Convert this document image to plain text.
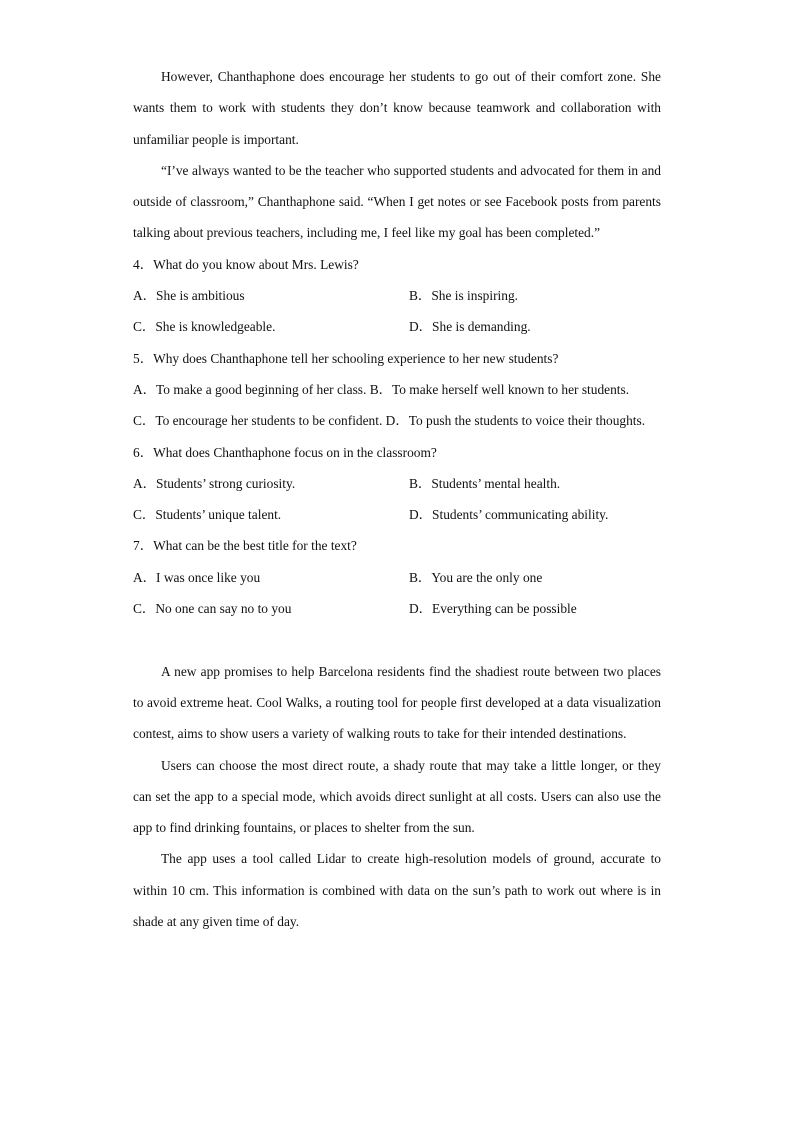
However, Chanthaphone does encourage her students to go out of their comfort zone. She wants them to work with students they don’t know because teamwork and collaboration with unfamiliar people is important.

“I’ve always wanted to be the teacher who supported students and advocated for them in and outside of classroom,” Chanthaphone said. “When I get notes or see Facebook posts from parents talking about previous teachers, including me, I feel like my goal has been completed.”

4．What do you know about Mrs. Lewis?
A．She is ambitious	B．She is inspiring.
C．She is knowledgeable.	D．She is demanding.
5．Why does Chanthaphone tell her schooling experience to her new students?

A．To make a good beginning of her class. B．To make herself well known to her students.

C．To encourage her students to be confident. D．To push the students to voice their thoughts.

6．What does Chanthaphone focus on in the classroom?
A．Students’ strong curiosity.	B．Students’ mental health.
C．Students’ unique talent.	D．Students’ communicating ability.
7．What can be the best title for the text?
A．I was once like you	B．You are the only one
C．No one can say no to you	D．Everything can be possible

A new app promises to help Barcelona residents find the shadiest route between two places to avoid extreme heat. Cool Walks, a routing tool for people first developed at a data visualization contest, aims to show users a variety of walking routs to take for their intended destinations.

Users can choose the most direct route, a shady route that may take a little longer, or they can set the app to a special mode, which avoids direct sunlight at all costs. Users can also use the app to find drinking fountains, or places to shelter from the sun.

The app uses a tool called Lidar to create high-resolution models of ground, accurate to within 10 cm. This information is combined with data on the sun’s path to work out where is in shade at any given time of day.
